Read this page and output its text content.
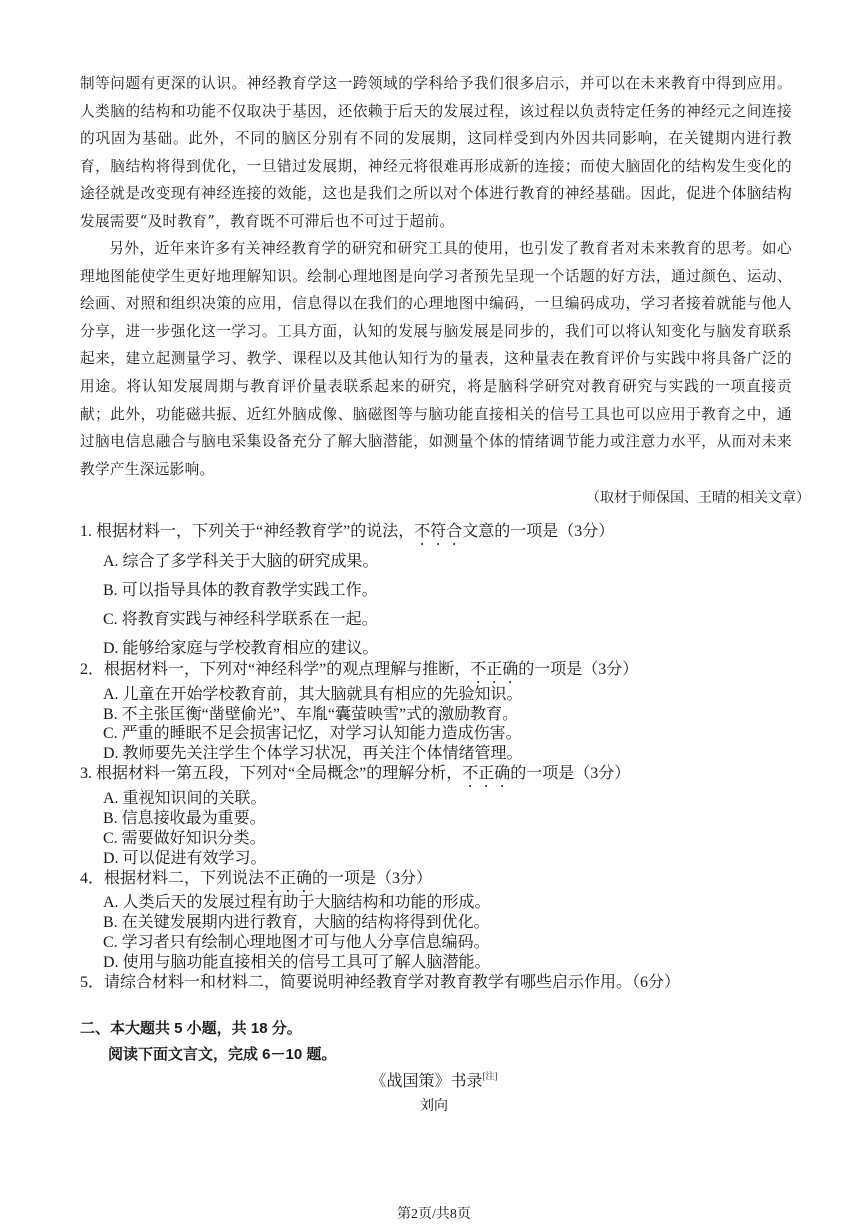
制等问题有更深的认识。神经教育学这一跨领域的学科给予我们很多启示，并可以在未来教育中得到应用。人类脑的结构和功能不仅取决于基因，还依赖于后天的发展过程，该过程以负责特定任务的神经元之间连接的巩固为基础。此外，不同的脑区分别有不同的发展期，这同样受到内外因共同影响，在关键期内进行教育，脑结构将得到优化，一旦错过发展期，神经元将很难再形成新的连接；而使大脑固化的结构发生变化的途径就是改变现有神经连接的效能，这也是我们之所以对个体进行教育的神经基础。因此，促进个体脑结构发展需要“及时教育”，教育既不可滞后也不可过于超前。

另外，近年来许多有关神经教育学的研究和研究工具的使用，也引发了教育者对未来教育的思考。如心理地图能使学生更好地理解知识。绘制心理地图是向学习者预先呈现一个话题的好方法，通过颜色、运动、绘画、对照和组织决策的应用，信息得以在我们的心理地图中编码，一旦编码成功，学习者接着就能与他人分享，进一步强化这一学习。工具方面，认知的发展与脑发展是同步的，我们可以将认知变化与脑发育联系起来，建立起测量学习、教学、课程以及其他认知行为的量表，这种量表在教育评价与实践中将具备广泛的用途。将认知发展周期与教育评价量表联系起来的研究，将是脑科学研究对教育研究与实践的一项直接贡献；此外，功能磁共振、近红外脑成像、脑磁图等与脑功能直接相关的信号工具也可以应用于教育之中，通过脑电信息融合与脑电采集设备充分了解大脑潜能，如测量个体的情绪调节能力或注意力水平，从而对未来教学产生深远影响。

（取材于师保国、王晴的相关文章）
1. 根据材料一，下列关于“神经教育学”的说法，不符合文意的一项是（3分）
A. 综合了多学科关于大脑的研究成果。
B. 可以指导具体的教育教学实践工作。
C. 将教育实践与神经科学联系在一起。
D. 能够给家庭与学校教育相应的建议。
2．根据材料一，下列对“神经科学”的观点理解与推断，不正确的一项是（3分）
A. 儿童在开始学校教育前，其大脑就具有相应的先验知识。
B. 不主张匡衡“凿壁偷光”、车胤“囊萤映雪”式的激励教育。
C. 严重的睡眠不足会损害记忆，对学习认知能力造成伤害。
D. 教师要先关注学生个体学习状况，再关注个体情绪管理。
3. 根据材料一第五段，下列对“全局概念”的理解分析，不正确的一项是（3分）
A. 重视知识间的关联。
B. 信息接收最为重要。
C. 需要做好知识分类。
D. 可以促进有效学习。
4．根据材料二，下列说法不正确的一项是（3分）
A. 人类后天的发展过程有助于大脑结构和功能的形成。
B. 在关键发展期内进行教育，大脑的结构将得到优化。
C. 学习者只有绘制心理地图才可与他人分享信息编码。
D. 使用与脑功能直接相关的信号工具可了解人脑潜能。
5．请综合材料一和材料二，简要说明神经教育学对教育教学有哪些启示作用。（6分）
二、本大题共 5 小题，共 18 分。
阅读下面文言文，完成 6－10 题。
《战国策》书录[注]
刘向
第2页/共8页
